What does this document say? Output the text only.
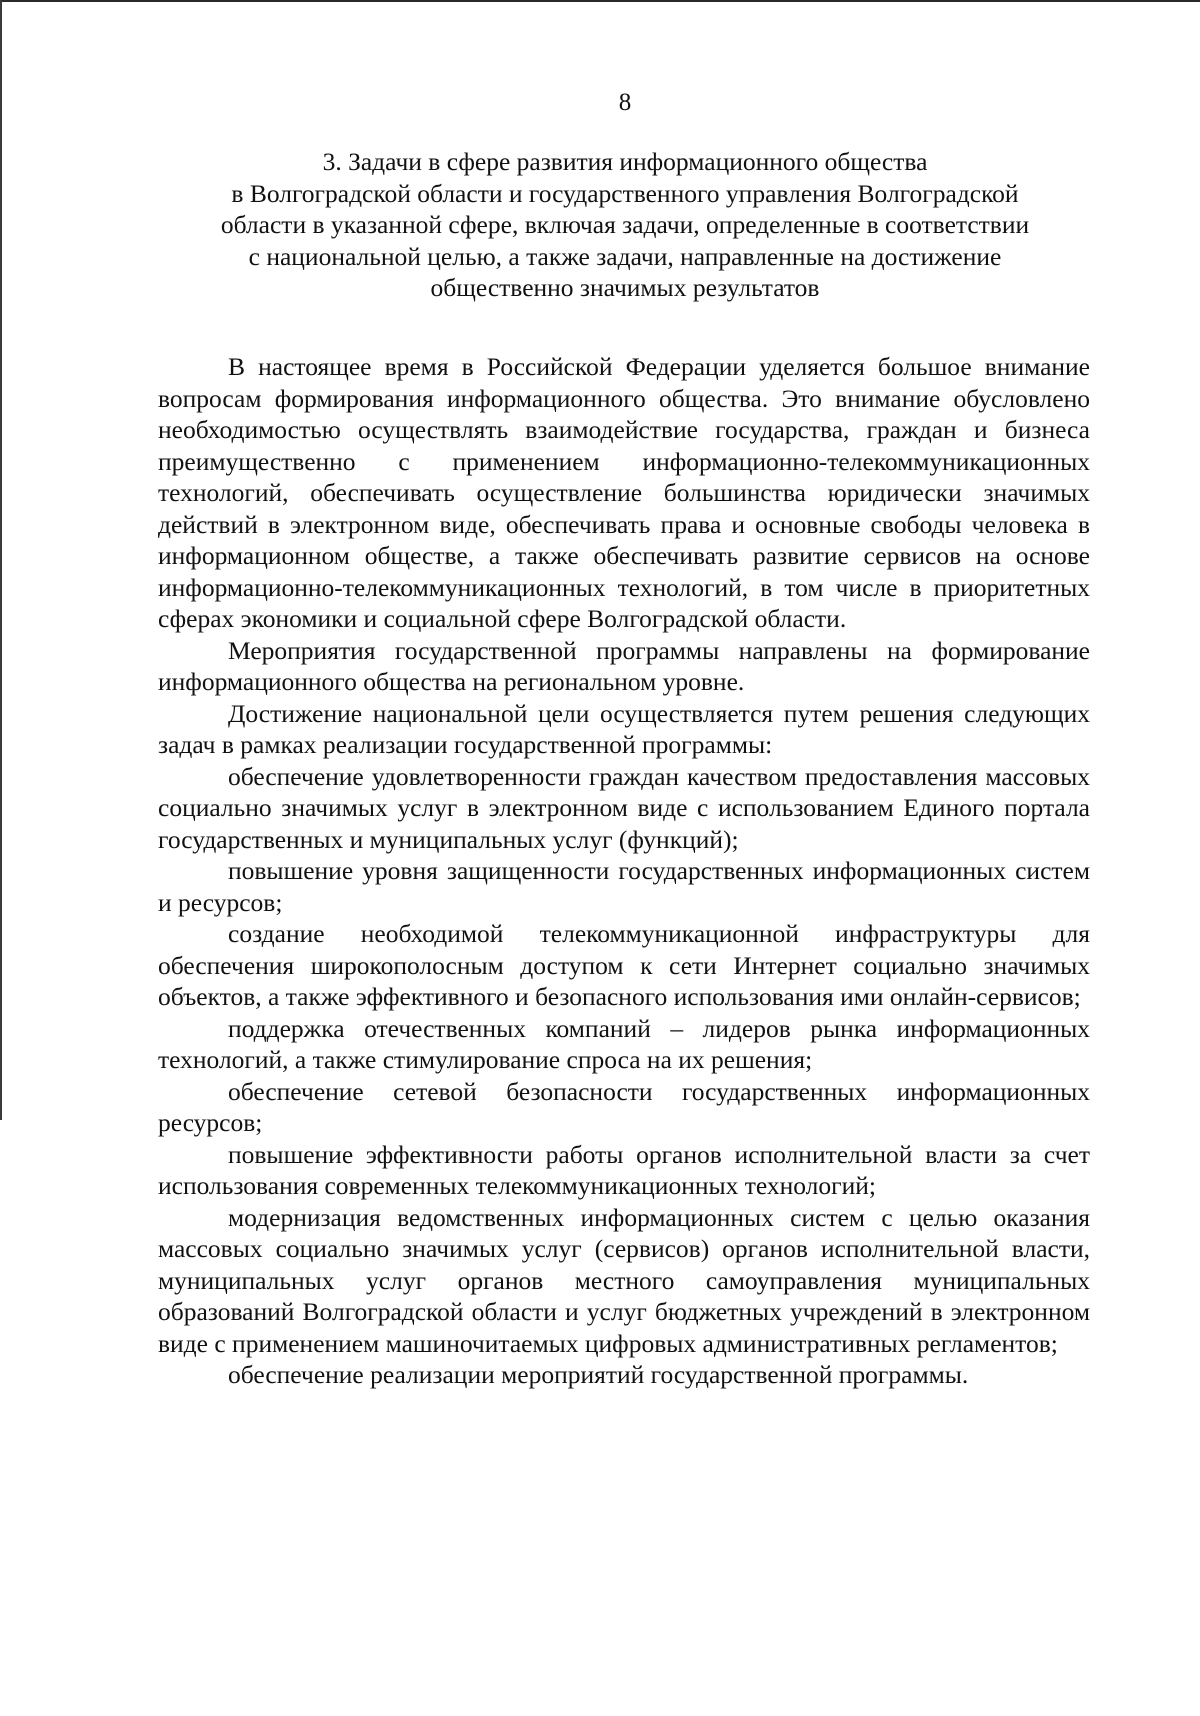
8
3. Задачи в сфере развития информационного общества
в Волгоградской области и государственного управления Волгоградской
области в указанной сфере, включая задачи, определенные в соответствии
с национальной целью, а также задачи, направленные на достижение
общественно значимых результатов

В настоящее время в Российской Федерации уделяется большое внимание вопросам формирования информационного общества. Это внимание обусловлено необходимостью осуществлять взаимодействие государства, граждан и бизнеса преимущественно с применением информационно-телекоммуникационных технологий, обеспечивать осуществление большинства юридически значимых действий в электронном виде, обеспечивать права и основные свободы человека в информационном обществе, а также обеспечивать развитие сервисов на основе информационно-телекоммуникационных технологий, в том числе в приоритетных сферах экономики и социальной сфере Волгоградской области.

Мероприятия государственной программы направлены на формирование информационного общества на региональном уровне.

Достижение национальной цели осуществляется путем решения следующих задач в рамках реализации государственной программы:

обеспечение удовлетворенности граждан качеством предоставления массовых социально значимых услуг в электронном виде с использованием Единого портала государственных и муниципальных услуг (функций);

повышение уровня защищенности государственных информационных систем и ресурсов;

создание необходимой телекоммуникационной инфраструктуры для обеспечения широкополосным доступом к сети Интернет социально значимых объектов, а также эффективного и безопасного использования ими онлайн-сервисов;

поддержка отечественных компаний – лидеров рынка информационных технологий, а также стимулирование спроса на их решения;

обеспечение сетевой безопасности государственных информационных ресурсов;

повышение эффективности работы органов исполнительной власти за счет использования современных телекоммуникационных технологий;

модернизация ведомственных информационных систем с целью оказания массовых социально значимых услуг (сервисов) органов исполнительной власти, муниципальных услуг органов местного самоуправления муниципальных образований Волгоградской области и услуг бюджетных учреждений в электронном виде с применением машиночитаемых цифровых административных регламентов;

обеспечение реализации мероприятий государственной программы.
